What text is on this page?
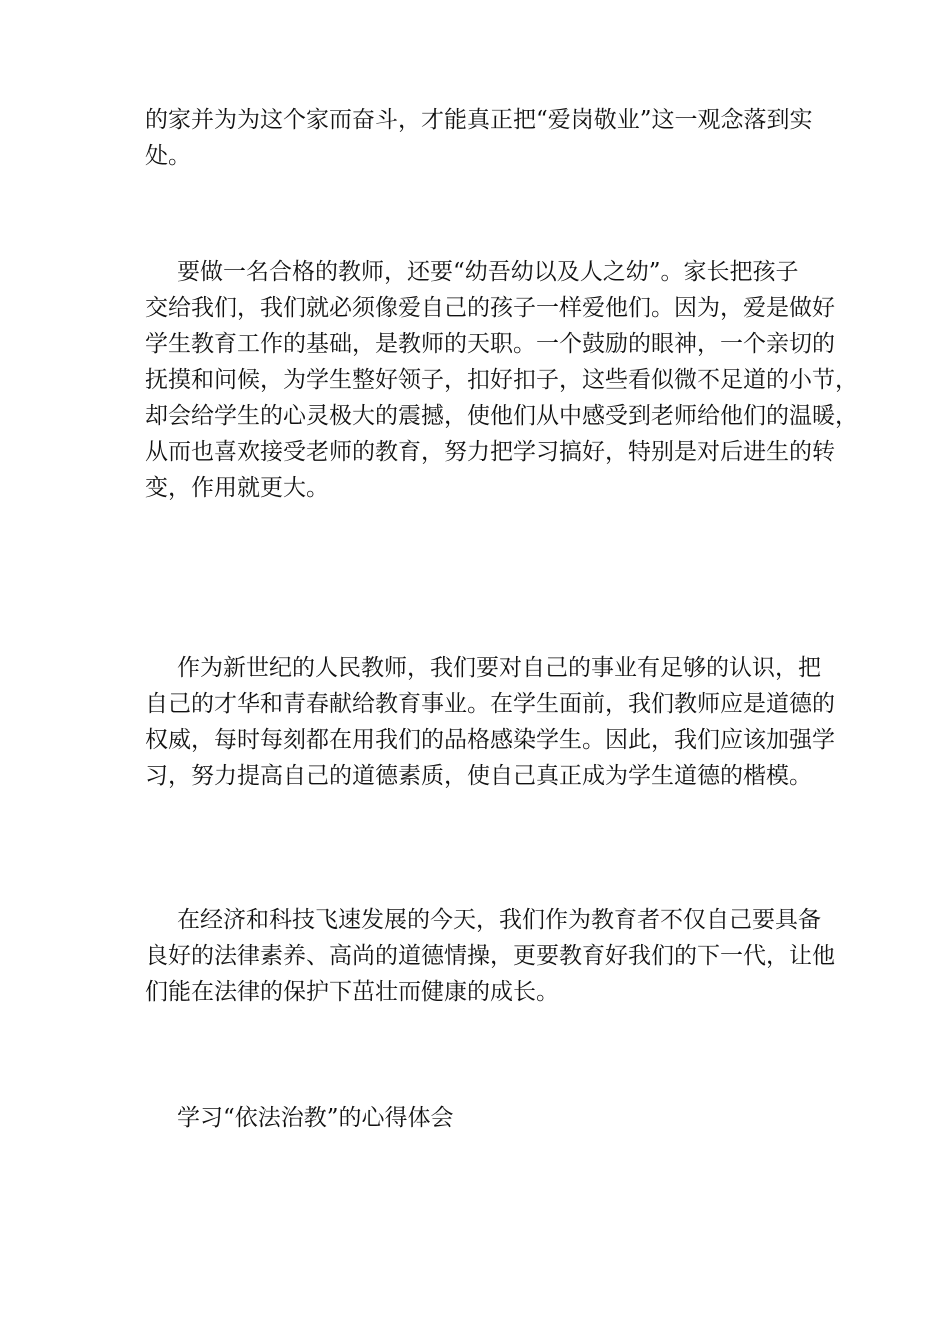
的家并为为这个家而奋斗，才能真正把“爱岗敬业”这一观念落到实
处。
要做一名合格的教师，还要“幼吾幼以及人之幼”。家长把孩子
交给我们，我们就必须像爱自己的孩子一样爱他们。因为，爱是做好
学生教育工作的基础，是教师的天职。一个鼓励的眼神，一个亲切的
抚摸和问候，为学生整好领子，扣好扣子，这些看似微不足道的小节，
却会给学生的心灵极大的震撼，使他们从中感受到老师给他们的温暖，
从而也喜欢接受老师的教育，努力把学习搞好，特别是对后进生的转
变，作用就更大。
作为新世纪的人民教师，我们要对自己的事业有足够的认识，把
自己的才华和青春献给教育事业。在学生面前，我们教师应是道德的
权威，每时每刻都在用我们的品格感染学生。因此，我们应该加强学
习，努力提高自己的道德素质，使自己真正成为学生道德的楷模。
在经济和科技飞速发展的今天，我们作为教育者不仅自己要具备
良好的法律素养、高尚的道德情操，更要教育好我们的下一代，让他
们能在法律的保护下茁壮而健康的成长。
学习“依法治教”的心得体会
